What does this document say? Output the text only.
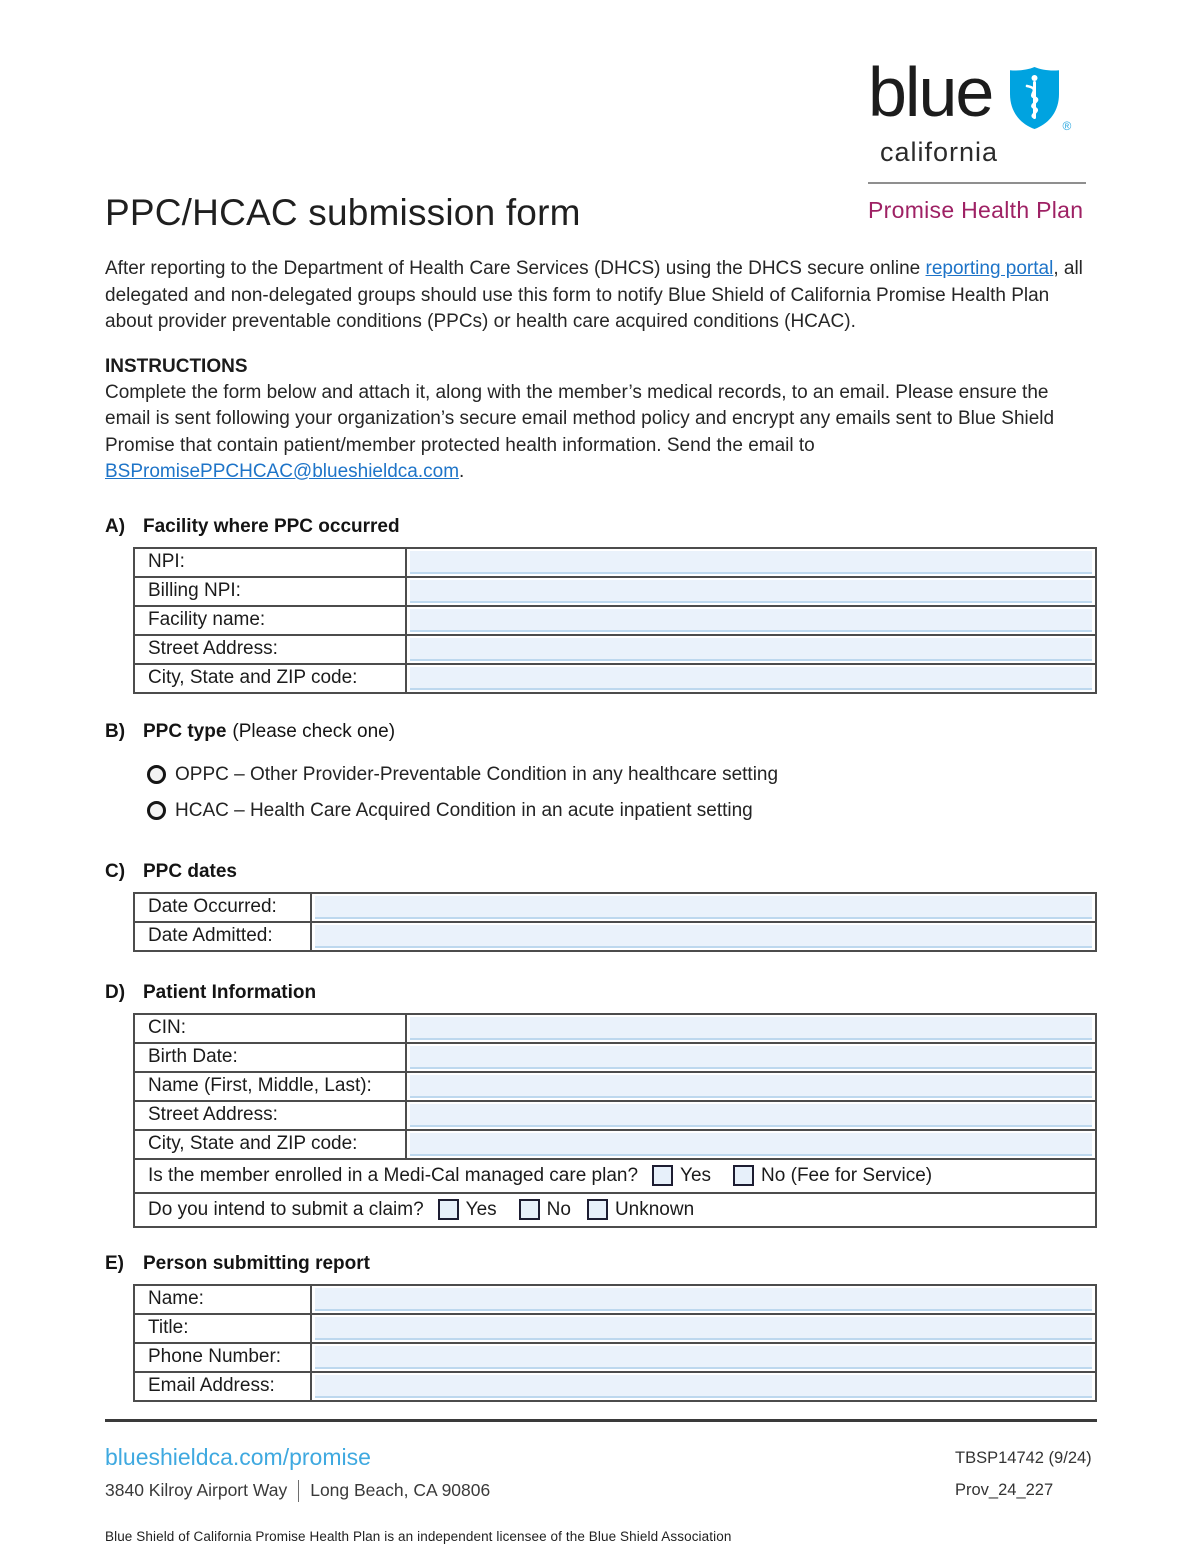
blue	®
california
Promise Health Plan
PPC/HCAC submission form

After reporting to the Department of Health Care Services (DHCS) using the DHCS secure online reporting portal, all delegated and non-delegated groups should use this form to notify Blue Shield of California Promise Health Plan about provider preventable conditions (PPCs) or health care acquired conditions (HCAC).

INSTRUCTIONS

Complete the form below and attach it, along with the member’s medical records, to an email. Please ensure the email is sent following your organization’s secure email method policy and encrypt any emails sent to Blue Shield Promise that contain patient/member protected health information. Send the email to BSPromisePPCHCAC@blueshieldca.com.

A) Facility where PPC occurred
NPI:	

Billing NPI:	

Facility name:	

Street Address:	

City, State and ZIP code:	
B) PPC type (Please check one)
OPPC – Other Provider-Preventable Condition in any healthcare setting
HCAC – Health Care Acquired Condition in an acute inpatient setting
C) PPC dates
Date Occurred:	

Date Admitted:	
D) Patient Information
CIN:	

Birth Date:	

Name (First, Middle, Last):	

Street Address:	

City, State and ZIP code:	

Is the member enrolled in a Medi-Cal managed care plan? Yes No (Fee for Service)	

Do you intend to submit a claim? Yes No Unknown	
E)	Person submitting report
Name:	

Title:	

Phone Number:	

Email Address:	
blueshieldca.com/promise
3840 Kilroy Airport Way Long Beach, CA 90806
TBSP14742 (9/24)
Prov_24_227
Blue Shield of California Promise Health Plan is an independent licensee of the Blue Shield Association
